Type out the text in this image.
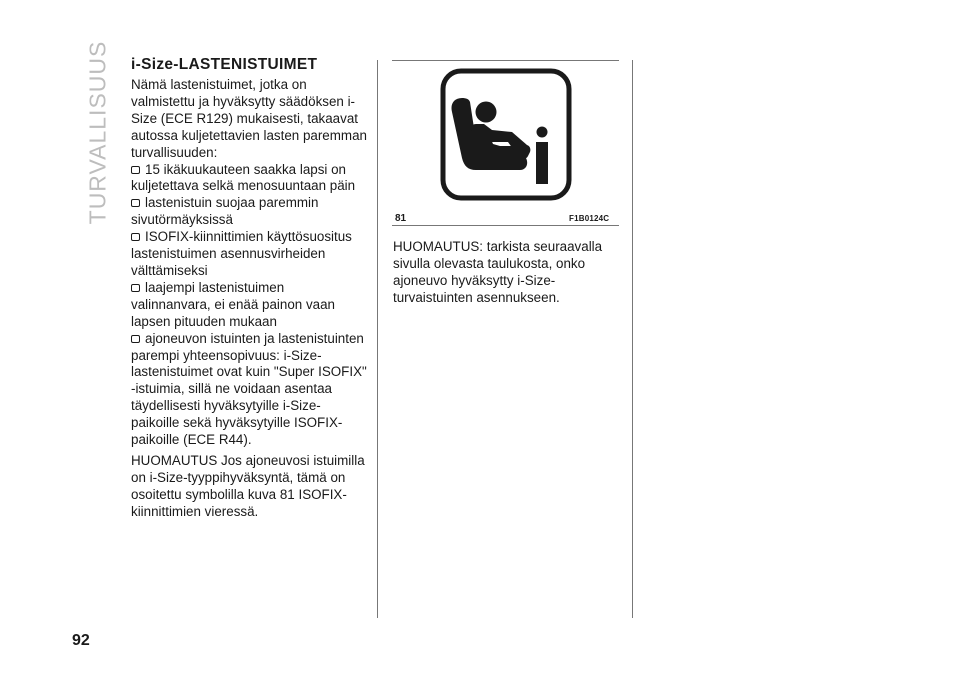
TURVALLISUUS
92
i-Size-LASTENISTUIMET

Nämä lastenistuimet, jotka on valmistettu ja hyväksytty säädöksen i-Size (ECE R129) mukaisesti, takaavat autossa kuljetettavien lasten paremman turvallisuuden:

15 ikäkuukauteen saakka lapsi on kuljetettava selkä menosuuntaan päin

lastenistuin suojaa paremmin sivutörmäyksissä

ISOFIX-kiinnittimien käyttösuositus lastenistuimen asennusvirheiden välttämiseksi

laajempi lastenistuimen valinnanvara, ei enää painon vaan lapsen pituuden mukaan

ajoneuvon istuinten ja lastenistuinten parempi yhteensopivuus: i-Size-lastenistuimet ovat kuin "Super ISOFIX" -istuimia, sillä ne voidaan asentaa täydellisesti hyväksytyille i-Size-paikoille sekä hyväksytyille ISOFIX-paikoille (ECE R44).

HUOMAUTUS Jos ajoneuvosi istuimilla on i-Size-tyyppihyväksyntä, tämä on osoitettu symbolilla kuva 81 ISOFIX-kiinnittimien vieressä.

81	F1B0124C

HUOMAUTUS: tarkista seuraavalla sivulla olevasta taulukosta, onko ajoneuvo hyväksytty i-Size-turvaistuinten asennukseen.
